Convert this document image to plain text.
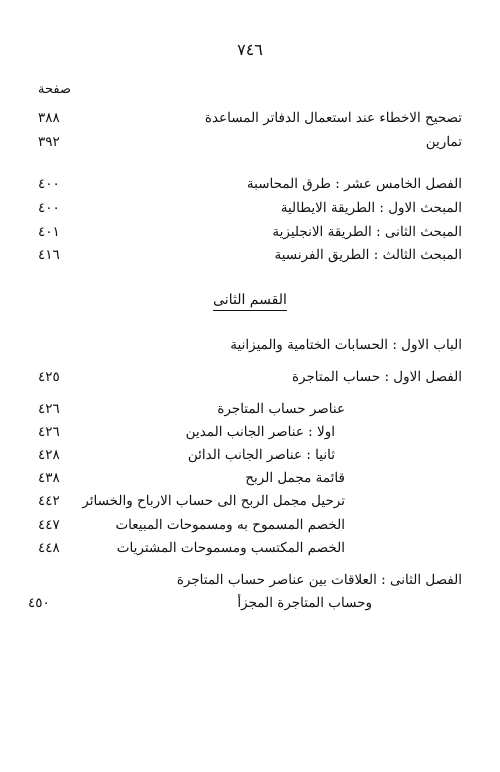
٧٤٦
صفحة
تصحيح الاخطاء عند استعمال الدفاتر المساعدة
٣٨٨
تمارين
٣٩٢
الفصل الخامس عشر : طرق المحاسبة
٤٠٠
المبحث الاول : الطريقة الايطالية
٤٠٠
المبحث الثانى : الطريقة الانجليزية
٤٠١
المبحث الثالث : الطريق الفرنسية
٤١٦
القسم الثانى
الباب الاول : الحسابات الختامية والميزانية
الفصل الاول : حساب المتاجرة
٤٢٥
عناصر حساب المتاجرة
٤٢٦
اولا : عناصر الجانب المدين
٤٢٦
ثانيا : عناصر الجانب الدائن
٤٢٨
قائمة مجمل الربح
٤٣٨
ترحيل مجمل الربح الى حساب الارباح والخسائر
٤٤٢
الخصم المسموح به ومسموحات المبيعات
٤٤٧
الخصم المكتسب ومسموحات المشتريات
٤٤٨
الفصل الثانى : العلاقات بين عناصر حساب المتاجرة
وحساب المتاجرة المجزأ
٤٥٠
